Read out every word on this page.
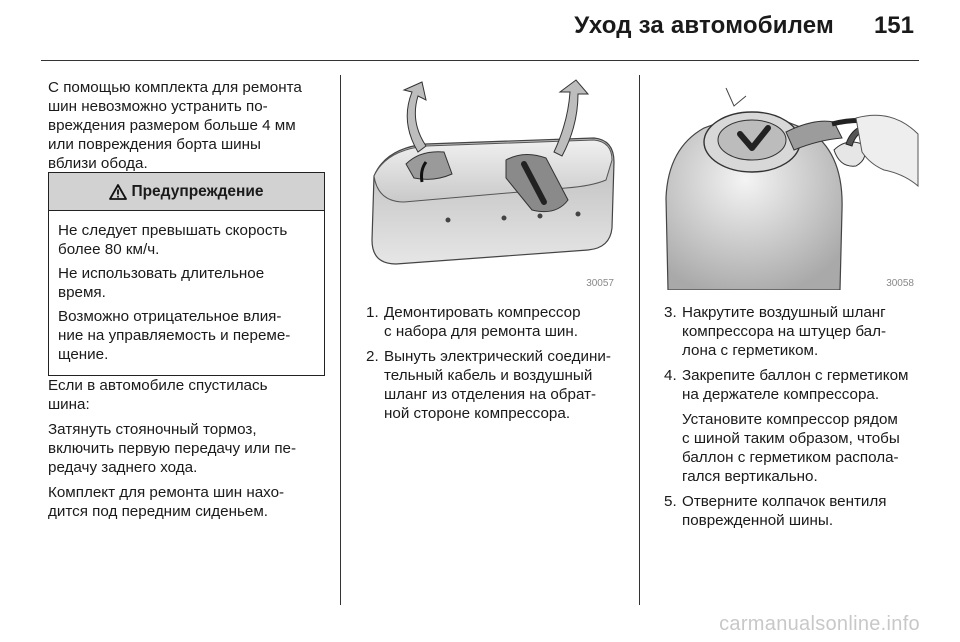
Уход за автомобилем 151
С помощью комплекта для ремонта
шин невозможно устранить по-
вреждения размером больше 4 мм
или повреждения борта шины
вблизи обода.
Предупреждение
Не следует превышать скорость
более 80 км/ч.
Не использовать длительное
время.
Возможно отрицательное влия-
ние на управляемость и переме-
щение.
Если в автомобиле спустилась
шина:
Затянуть стояночный тормоз,
включить первую передачу или пе-
редачу заднего хода.
Комплект для ремонта шин нахо-
дится под передним сиденьем.
30057
1. Демонтировать компрессор
с набора для ремонта шин.
2. Вынуть электрический соедини-
тельный кабель и воздушный
шланг из отделения на обрат-
ной стороне компрессора.
30058
3. Накрутите воздушный шланг
компрессора на штуцер бал-
лона с герметиком.
4. Закрепите баллон с герметиком
на держателе компрессора.
Установите компрессор рядом
с шиной таким образом, чтобы
баллон с герметиком распола-
гался вертикально.
5. Отверните колпачок вентиля
поврежденной шины.
carmanualsonline.info
